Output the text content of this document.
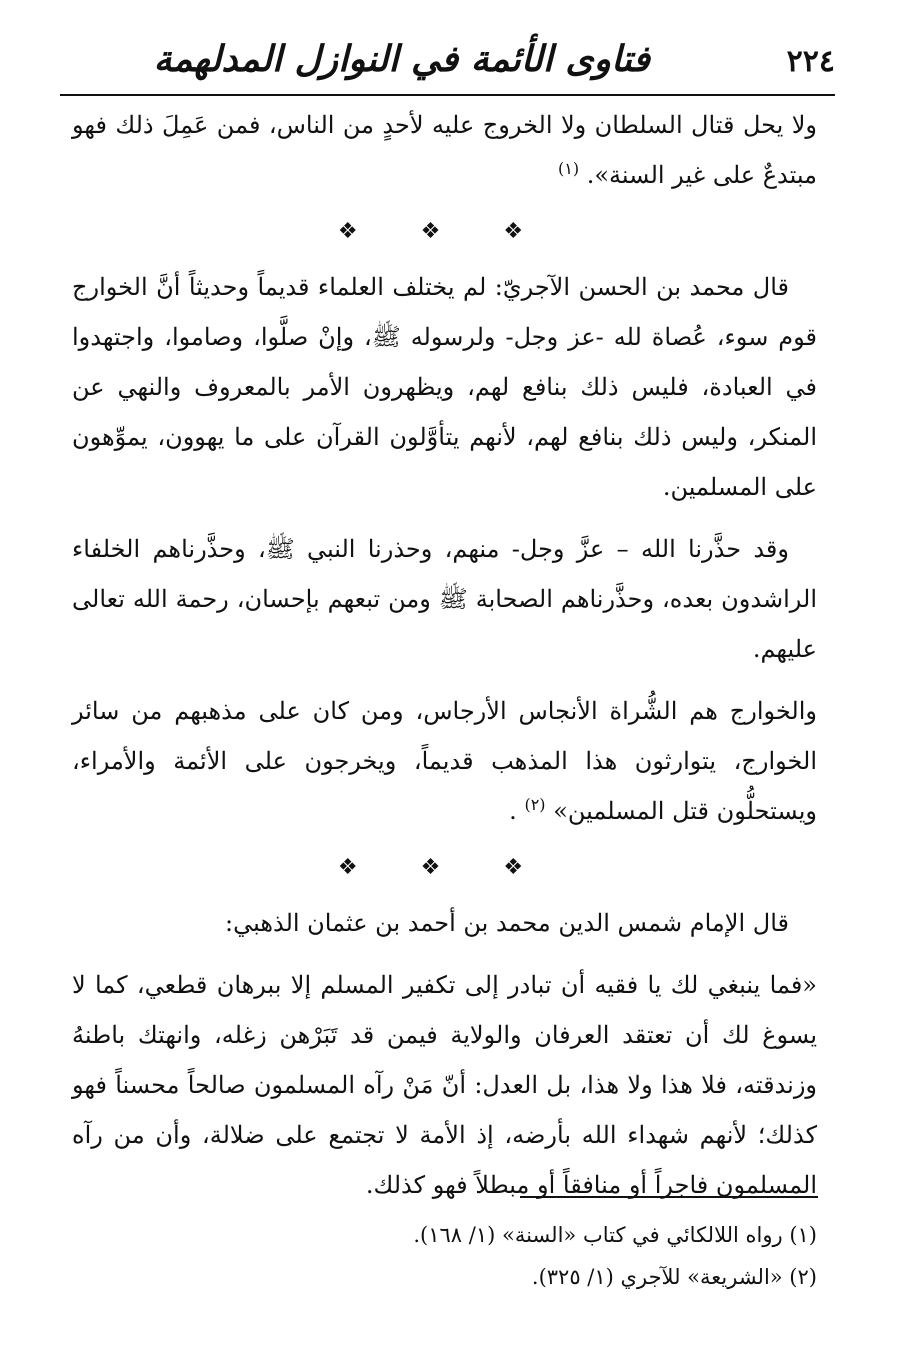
٢٢٤
فتاوى الأئمة في النوازل المدلهمة

ولا يحل قتال السلطان ولا الخروج عليه لأحدٍ من الناس، فمن عَمِلَ ذلك فهو مبتدعٌ على غير السنة». $^{(١)}$

❖ ❖ ❖

قال محمد بن الحسن الآجريّ: لم يختلف العلماء قديماً وحديثاً أنَّ الخوارج قوم سوء، عُصاة لله -عز وجل- ولرسوله ﷺ، وإنْ صلَّوا، وصاموا، واجتهدوا في العبادة، فليس ذلك بنافع لهم، ويظهرون الأمر بالمعروف والنهي عن المنكر، وليس ذلك بنافع لهم، لأنهم يتأوَّلون القرآن على ما يهوون، يموِّهون على المسلمين.

وقد حذَّرنا الله – عزَّ وجل- منهم، وحذرنا النبي ﷺ، وحذَّرناهم الخلفاء الراشدون بعده، وحذَّرناهم الصحابة ﷺ ومن تبعهم بإحسان، رحمة الله تعالى عليهم.

والخوارج هم الشُّراة الأنجاس الأرجاس، ومن كان على مذهبهم من سائر الخوارج، يتوارثون هذا المذهب قديماً، ويخرجون على الأئمة والأمراء، ويستحلُّون قتل المسلمين» $^{(٢)}$ .

❖ ❖ ❖

قال الإمام شمس الدين محمد بن أحمد بن عثمان الذهبي:

«فما ينبغي لك يا فقيه أن تبادر إلى تكفير المسلم إلا ببرهان قطعي، كما لا يسوغ لك أن تعتقد العرفان والولاية فيمن قد تَبَرْهن زغله، وانهتك باطنهُ وزندقته، فلا هذا ولا هذا، بل العدل: أنّ مَنْ رآه المسلمون صالحاً محسناً فهو كذلك؛ لأنهم شهداء الله بأرضه، إذ الأمة لا تجتمع على ضلالة، وأن من رآه المسلمون فاجراً أو منافقاً أو مبطلاً فهو كذلك.

(١) رواه اللالكائي في كتاب «السنة» (١/ ١٦٨).

(٢) «الشريعة» للآجري (١/ ٣٢٥).
